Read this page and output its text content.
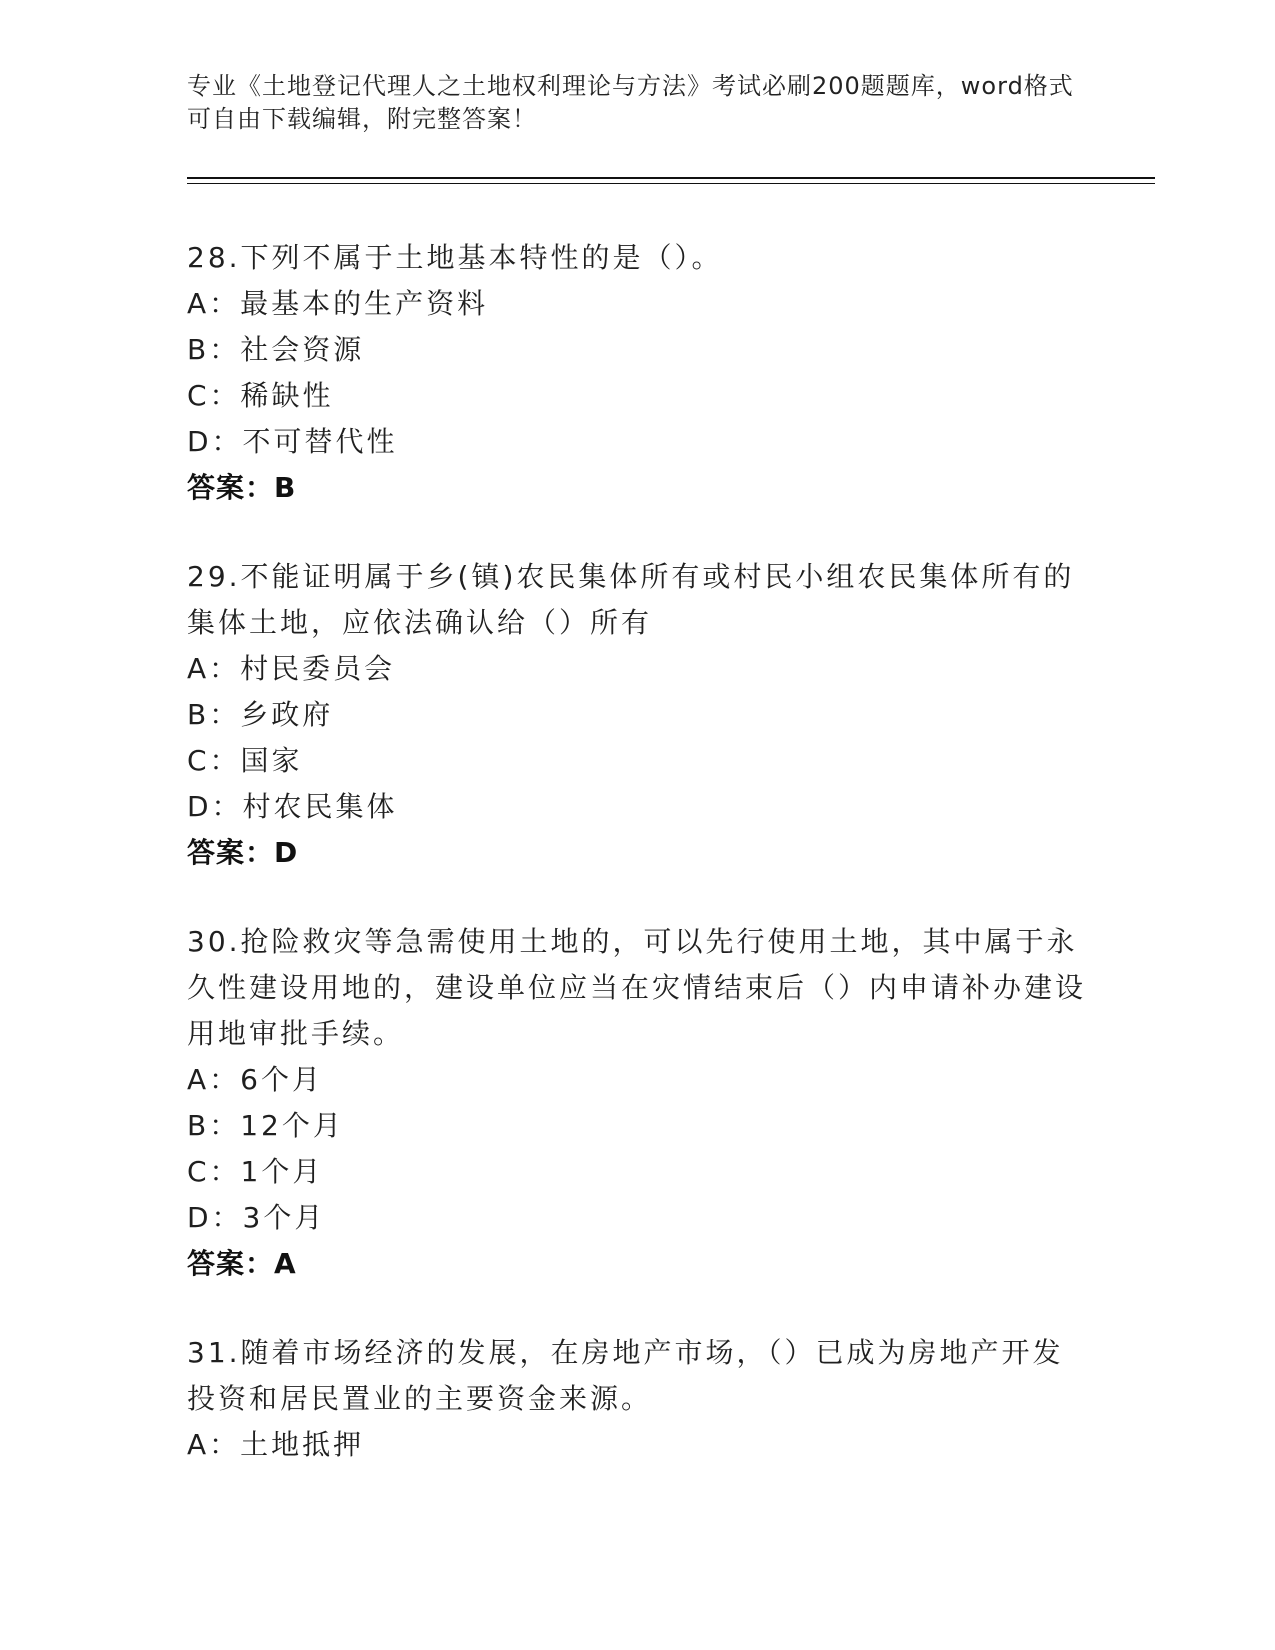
专业《土地登记代理人之土地权利理论与方法》考试必刷200题题库，word格式
可自由下载编辑，附完整答案！
28.下列不属于土地基本特性的是（）。
A：最基本的生产资料
B：社会资源
C：稀缺性
D：不可替代性
答案：B
29.不能证明属于乡(镇)农民集体所有或村民小组农民集体所有的集体土地，应依法确认给（）所有
A：村民委员会
B：乡政府
C：国家
D：村农民集体
答案：D
30.抢险救灾等急需使用土地的，可以先行使用土地，其中属于永久性建设用地的，建设单位应当在灾情结束后（）内申请补办建设用地审批手续。
A：6个月
B：12个月
C：1个月
D：3个月
答案：A
31.随着市场经济的发展，在房地产市场，（）已成为房地产开发投资和居民置业的主要资金来源。
A：土地抵押
